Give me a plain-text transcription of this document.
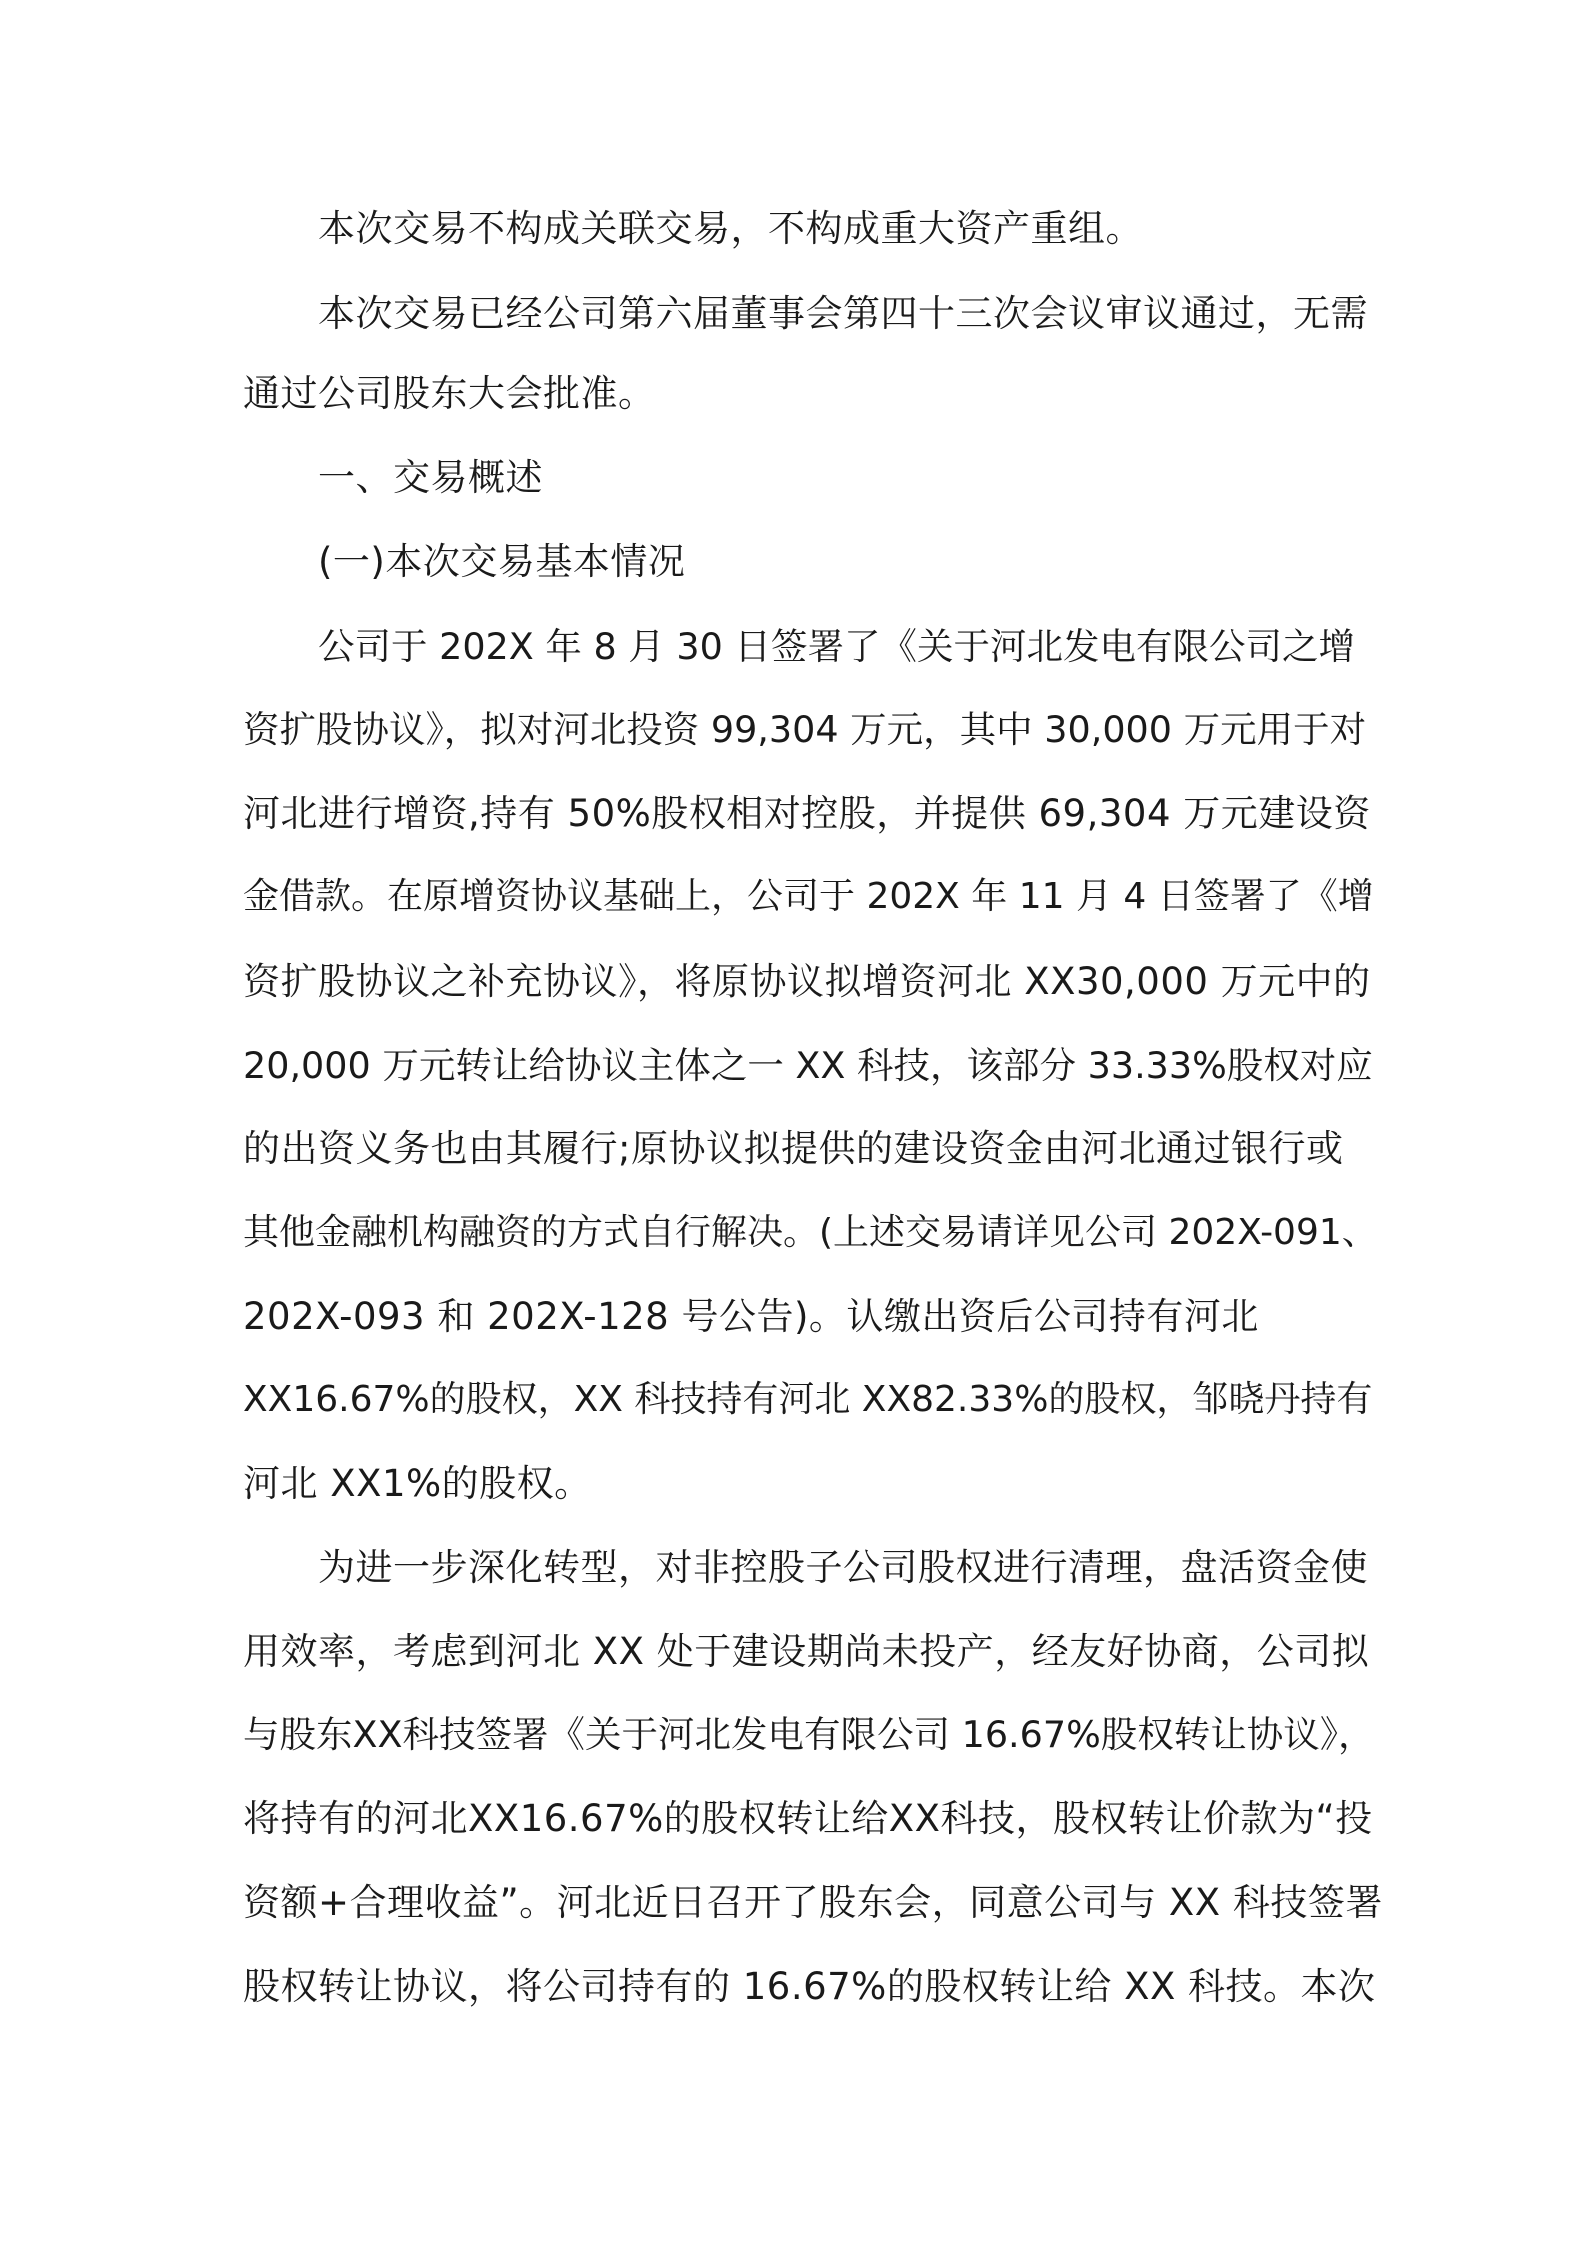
本次交易不构成关联交易，不构成重大资产重组。
本次交易已经公司第六届董事会第四十三次会议审议通过，无需
通过公司股东大会批准。
一、交易概述
(一)本次交易基本情况
公司于 202X 年 8 月 30 日签署了《关于河北发电有限公司之增
资扩股协议》，拟对河北投资 99,304 万元，其中 30,000 万元用于对
河北进行增资,持有 50%股权相对控股，并提供 69,304 万元建设资
金借款。在原增资协议基础上，公司于 202X 年 11 月 4 日签署了《增
资扩股协议之补充协议》，将原协议拟增资河北 XX30,000 万元中的
20,000 万元转让给协议主体之一 XX 科技，该部分 33.33%股权对应
的出资义务也由其履行;原协议拟提供的建设资金由河北通过银行或
其他金融机构融资的方式自行解决。(上述交易请详见公司 202X-091、
202X-093 和 202X-128 号公告)。认缴出资后公司持有河北
XX16.67%的股权，XX 科技持有河北 XX82.33%的股权，邹晓丹持有
河北 XX1%的股权。
为进一步深化转型，对非控股子公司股权进行清理，盘活资金使
用效率，考虑到河北 XX 处于建设期尚未投产，经友好协商，公司拟
与股东XX科技签署《关于河北发电有限公司 16.67%股权转让协议》，
将持有的河北XX16.67%的股权转让给XX科技，股权转让价款为“投
资额+合理收益”。河北近日召开了股东会，同意公司与 XX 科技签署
股权转让协议，将公司持有的 16.67%的股权转让给 XX 科技。本次
